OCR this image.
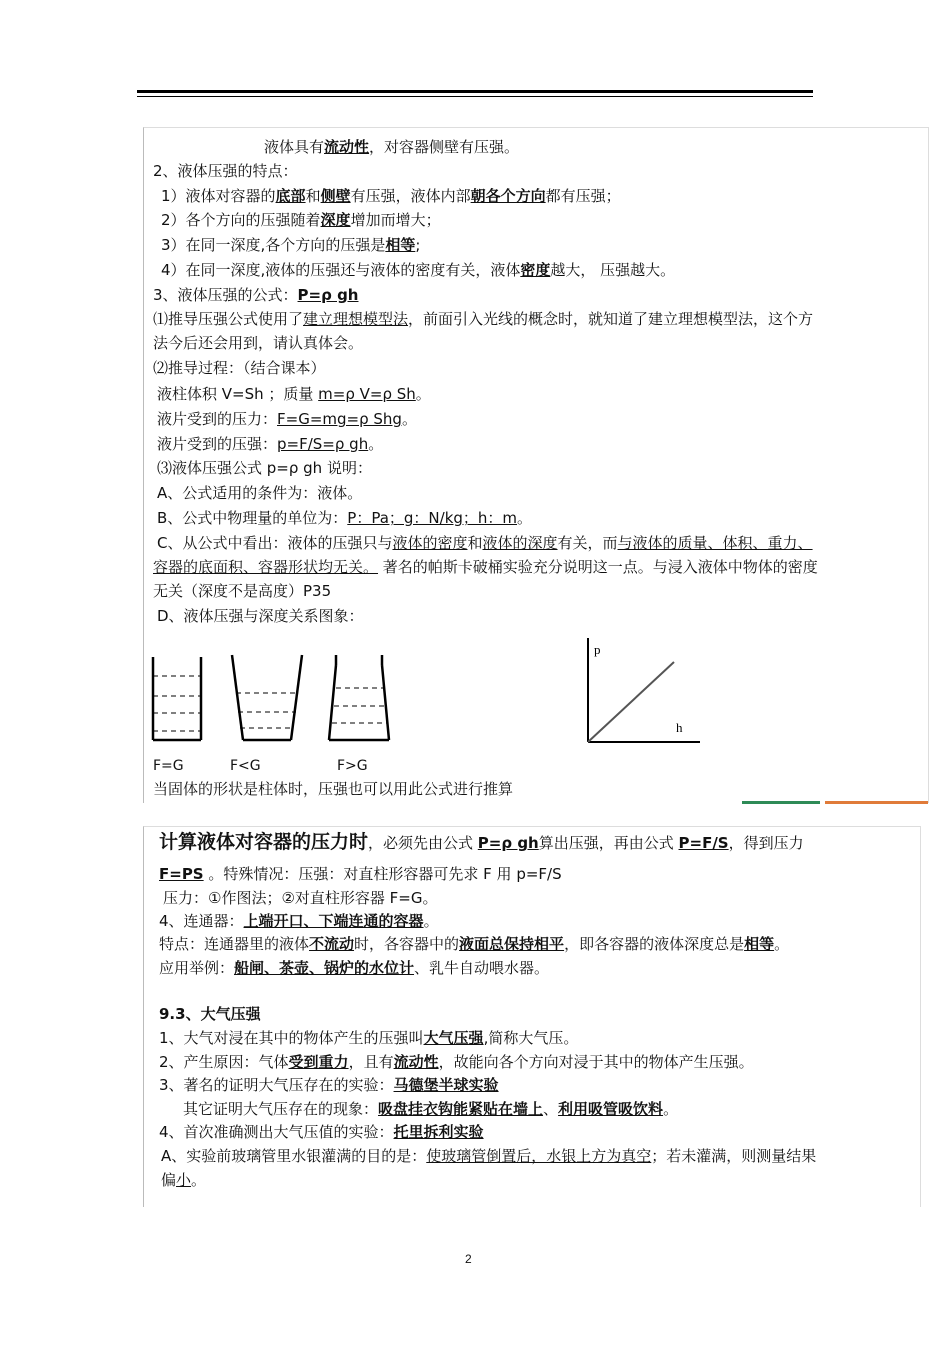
液体具有流动性，对容器侧壁有压强。
2、液体压强的特点：
1）液体对容器的底部和侧壁有压强，液体内部朝各个方向都有压强；
2）各个方向的压强随着深度增加而增大；
3）在同一深度,各个方向的压强是相等;
4）在同一深度,液体的压强还与液体的密度有关，液体密度越大， 压强越大。
3、液体压强的公式：P=ρ gh
⑴推导压强公式使用了建立理想模型法，前面引入光线的概念时，就知道了建立理想模型法，这个方
法今后还会用到，请认真体会。
⑵推导过程：（结合课本）
液柱体积 V=Sh ；质量 m=ρ V=ρ Sh。
液片受到的压力：F=G=mg=ρ Shg。
液片受到的压强：p=F/S=ρ gh。
⑶液体压强公式 p=ρ gh 说明：
A、公式适用的条件为：液体。
B、公式中物理量的单位为：P：Pa；g：N/kg；h：m。
C、从公式中看出：液体的压强只与液体的密度和液体的深度有关，而与液体的质量、体积、重力、
容器的底面积、容器形状均无关。 著名的帕斯卡破桶实验充分说明这一点。与浸入液体中物体的密度
无关（深度不是高度）P35
D、液体压强与深度关系图象：
F=G	F<G	F>G
p
h
当固体的形状是柱体时，压强也可以用此公式进行推算
计算液体对容器的压力时，必须先由公式 P=ρ gh算出压强，再由公式 P=F/S，得到压力
F=PS 。特殊情况：压强：对直柱形容器可先求 F 用 p=F/S
压力：①作图法；②对直柱形容器 F=G。
4、连通器：上端开口、下端连通的容器。
特点：连通器里的液体不流动时，各容器中的液面总保持相平，即各容器的液体深度总是相等。
应用举例：船闸、茶壶、锅炉的水位计、乳牛自动喂水器。
9.3、大气压强
1、大气对浸在其中的物体产生的压强叫大气压强,简称大气压。
2、产生原因：气体受到重力，且有流动性，故能向各个方向对浸于其中的物体产生压强。
3、著名的证明大气压存在的实验：马德堡半球实验
其它证明大气压存在的现象：吸盘挂衣钩能紧贴在墙上、利用吸管吸饮料。
4、首次准确测出大气压值的实验：托里拆利实验
A、实验前玻璃管里水银灌满的目的是：使玻璃管倒置后，水银上方为真空；若未灌满，则测量结果
偏小。
2
